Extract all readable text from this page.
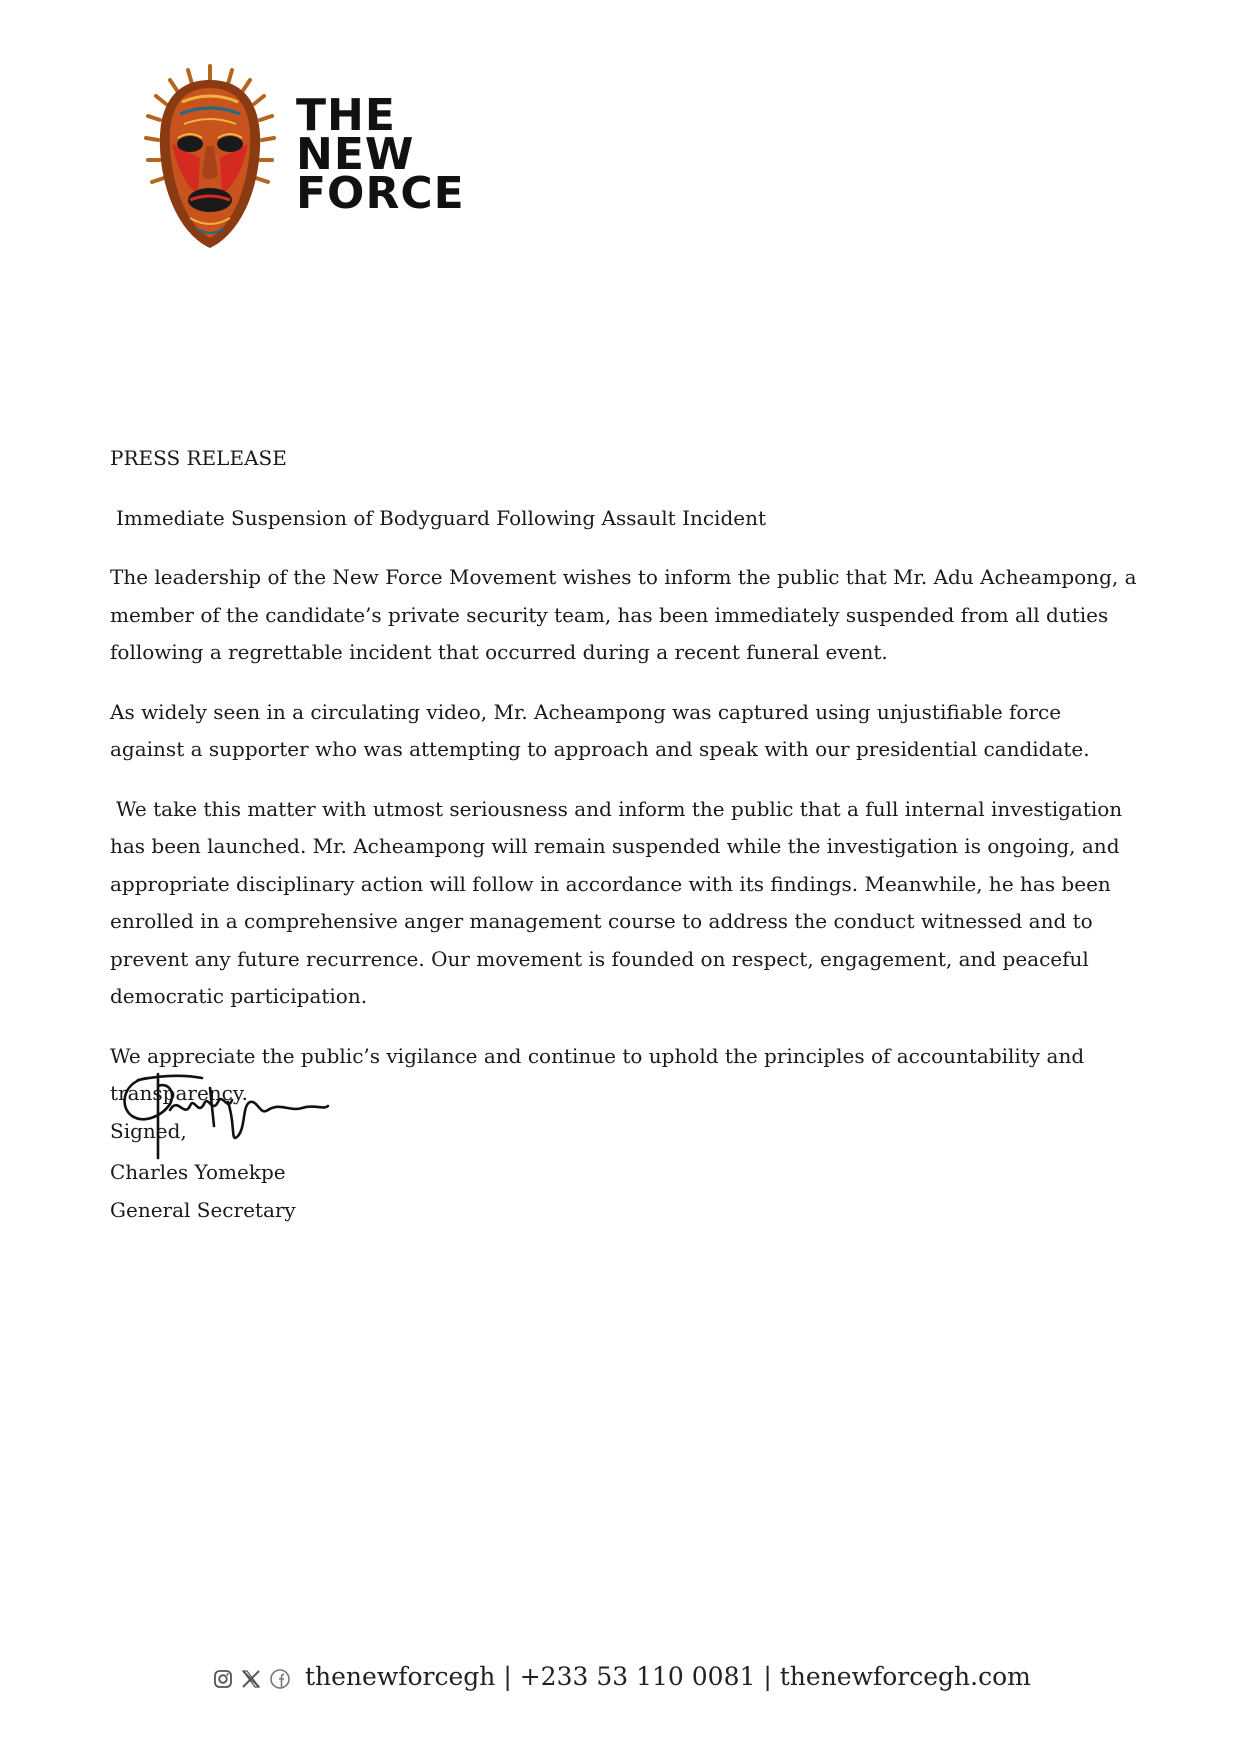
THE
NEW
FORCE

PRESS RELEASE

Immediate Suspension of Bodyguard Following Assault Incident

The leadership of the New Force Movement wishes to inform the public that Mr. Adu Acheampong, a member of the candidate’s private security team, has been immediately suspended from all duties following a regrettable incident that occurred during a recent funeral event.

As widely seen in a circulating video, Mr. Acheampong was captured using unjustifiable force against a supporter who was attempting to approach and speak with our presidential candidate.

We take this matter with utmost seriousness and inform the public that a full internal investigation has been launched. Mr. Acheampong will remain suspended while the investigation is ongoing, and appropriate disciplinary action will follow in accordance with its findings. Meanwhile, he has been enrolled in a comprehensive anger management course to address the conduct witnessed and to prevent any future recurrence. Our movement is founded on respect, engagement, and peaceful democratic participation.

We appreciate the public’s vigilance and continue to uphold the principles of accountability and transparency.

Signed,

Charles Yomekpe
General Secretary
thenewforcegh | +233 53 110 0081 | thenewforcegh.com
